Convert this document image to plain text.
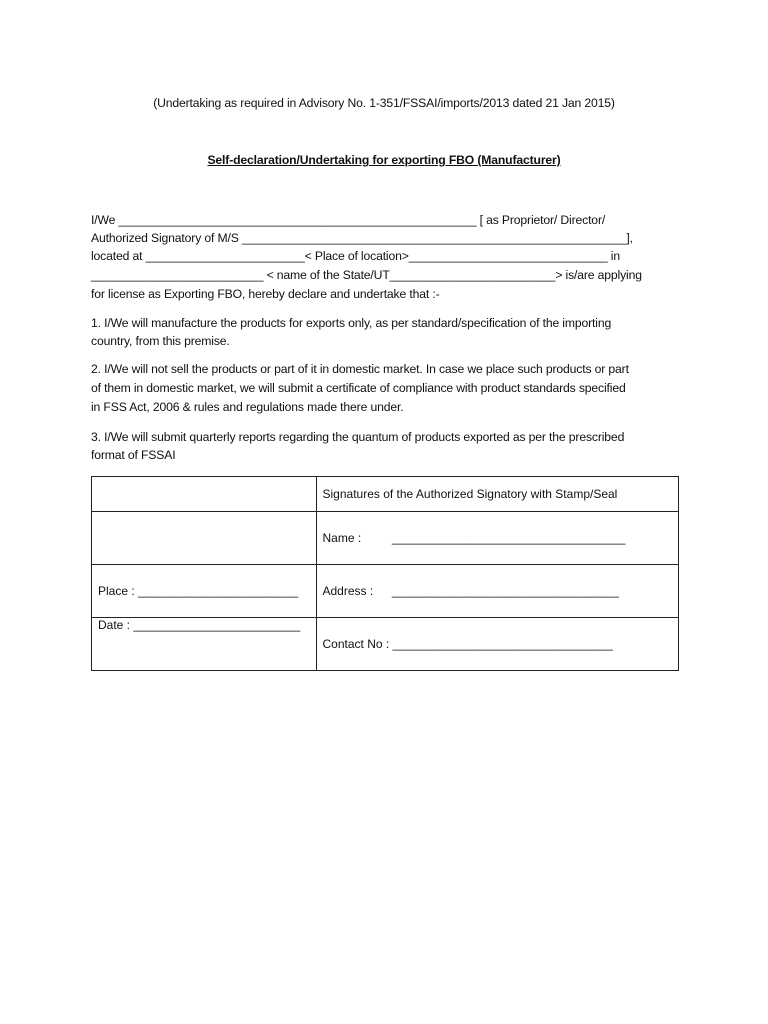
(Undertaking as required in Advisory No. 1-351/FSSAI/imports/2013 dated 21 Jan 2015)
Self-declaration/Undertaking for exporting FBO (Manufacturer)
I/We ______________________________________________________ [ as Proprietor/ Director/
Authorized Signatory of M/S __________________________________________________________],
located at ________________________< Place of location>______________________________ in
__________________________ < name of the State/UT_________________________> is/are applying
for license as Exporting FBO, hereby declare and undertake that :-
1. I/We will manufacture the products for exports only, as per standard/specification of the importing
country, from this premise.
2. I/We will not sell the products or part of it in domestic market. In case we place such products or part
of them in domestic market, we will submit a certificate of compliance with product standards specified
in FSS Act, 2006 & rules and regulations made there under.
3. I/We will submit quarterly reports regarding the quantum of products exported as per the prescribed
format of FSSAI
	Signatures of the Authorized Signatory with Stamp/Seal
	Name : ___________________________________
Place : ________________________	Address : __________________________________
Date : _________________________	Contact No : _________________________________
